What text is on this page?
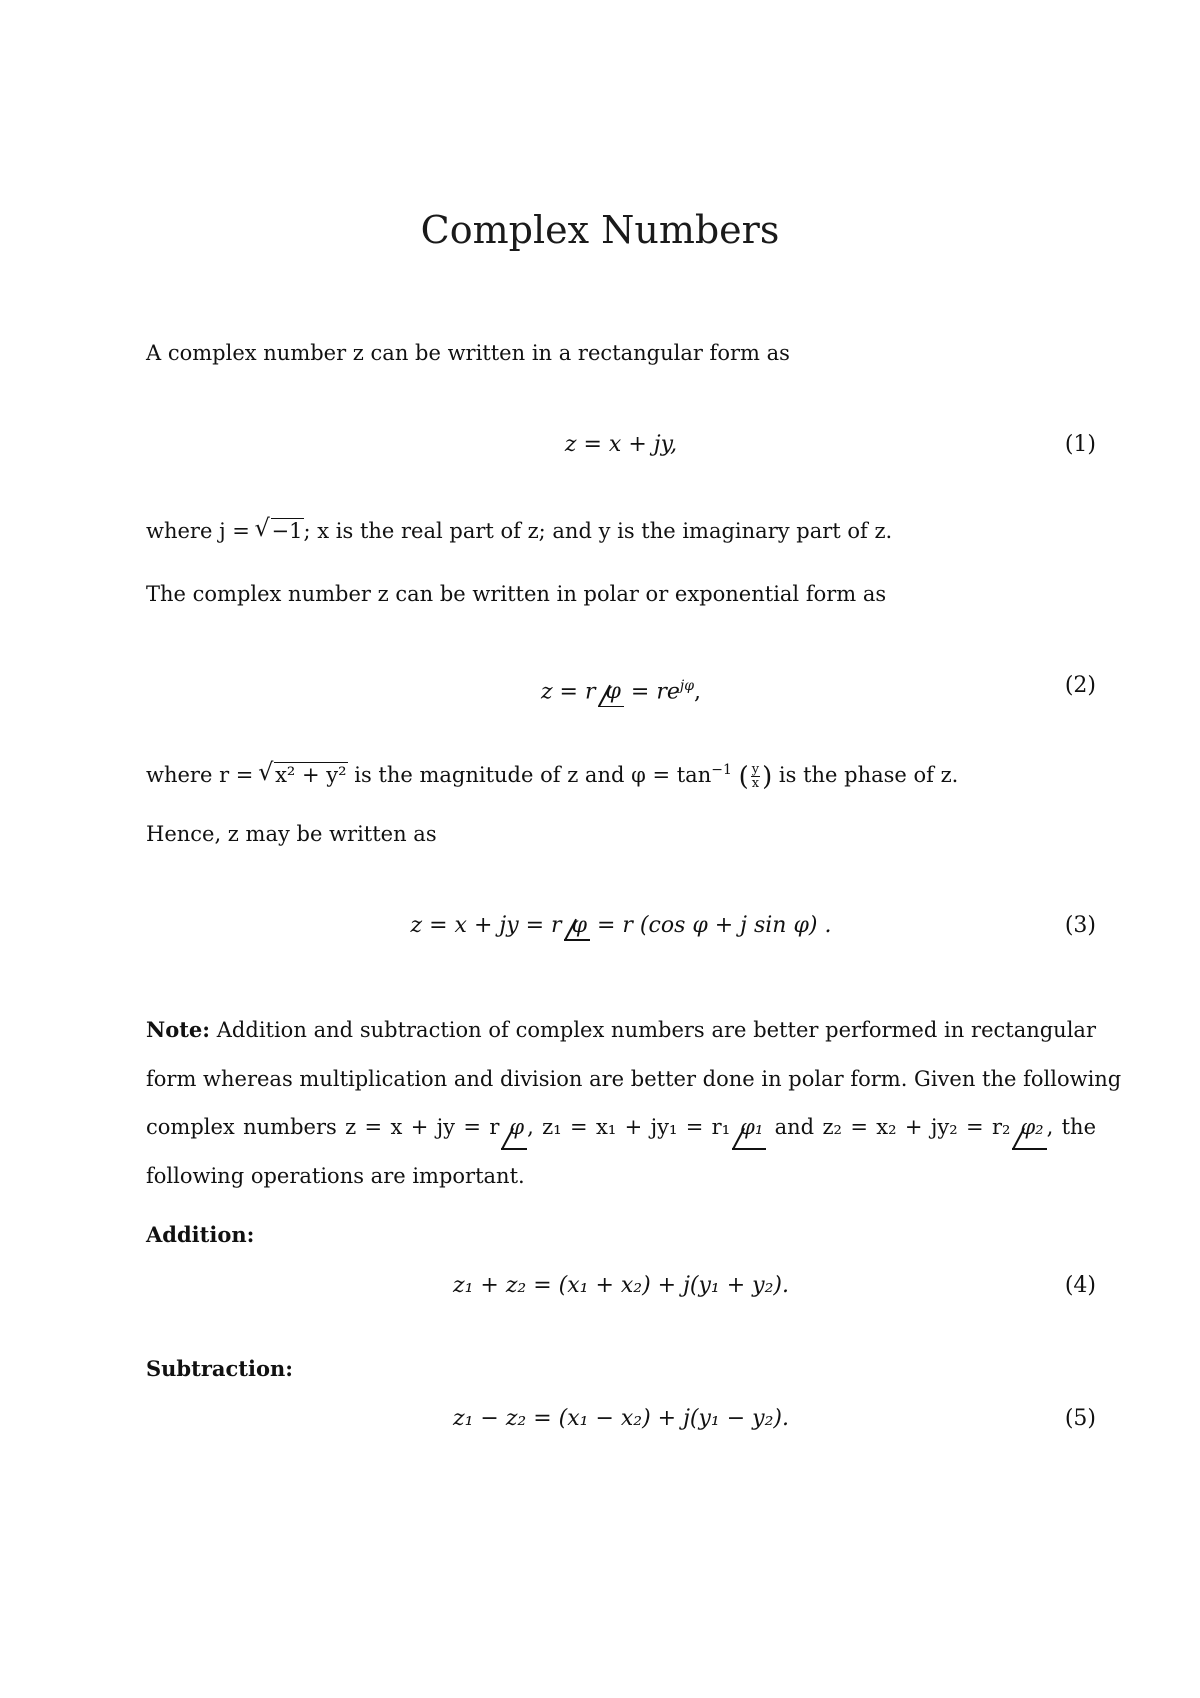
Complex Numbers
A complex number z can be written in a rectangular form as
z = x + jy,	(1)
where j = √ −1; x is the real part of z; and y is the imaginary part of z.
The complex number z can be written in polar or exponential form as
z = r $\varphi = re^{j\varphi}$,	(2)
where r = √ x² + y² is the magnitude of z and $\varphi = \tan^{-1}$ ( $\frac{y}{x}$ ) is the phase of z.
Hence, z may be written as
z = x + jy = r φ = r (cos φ + j sin φ) .	(3)
Note: Addition and subtraction of complex numbers are better performed in rectangular
form whereas multiplication and division are better done in polar form. Given the following
complex numbers z = x + jy = r φ , z₁ = x₁ + jy₁ = r₁ φ₁ and z₂ = x₂ + jy₂ = r₂ φ₂ , the
following operations are important.
Addition:
z₁ + z₂ = (x₁ + x₂) + j(y₁ + y₂).	(4)
Subtraction:
z₁ − z₂ = (x₁ − x₂) + j(y₁ − y₂).	(5)
